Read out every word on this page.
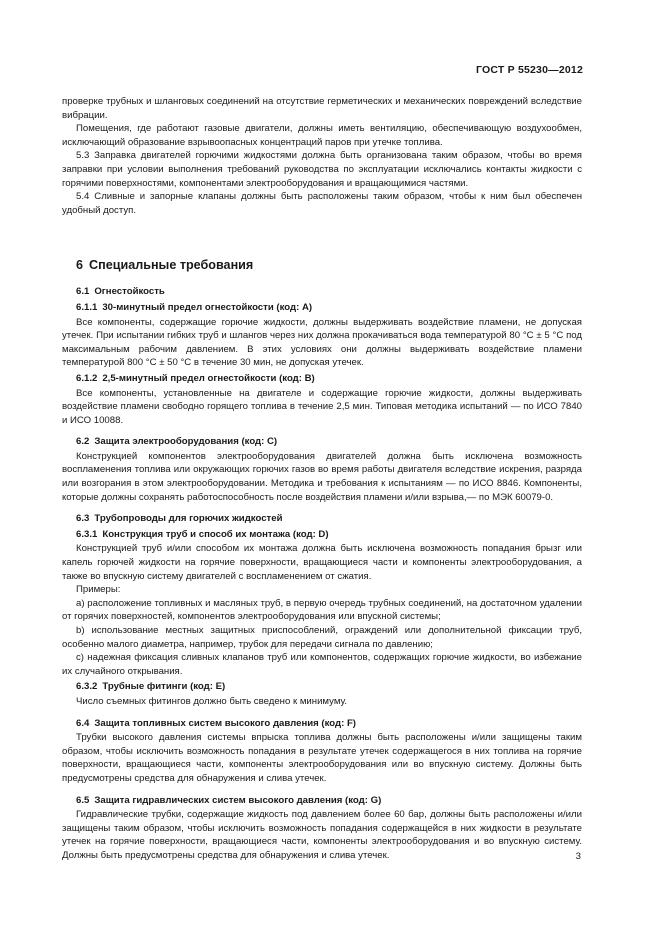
ГОСТ Р 55230—2012

проверке трубных и шланговых соединений на отсутствие герметических и механических повреждений вследствие вибрации.

Помещения, где работают газовые двигатели, должны иметь вентиляцию, обеспечивающую воздухообмен, исключающий образование взрывоопасных концентраций паров при утечке топлива.

5.3 Заправка двигателей горючими жидкостями должна быть организована таким образом, чтобы во время заправки при условии выполнения требований руководства по эксплуатации исключались контакты жидкости с горячими поверхностями, компонентами электрооборудования и вращающимися частями.

5.4 Сливные и запорные клапаны должны быть расположены таким образом, чтобы к ним был обеспечен удобный доступ.

6 Специальные требования
6.1 Огнестойкость
6.1.1 30-минутный предел огнестойкости (код: А)

Все компоненты, содержащие горючие жидкости, должны выдерживать воздействие пламени, не допуская утечек. При испытании гибких труб и шлангов через них должна прокачиваться вода температурой 80 °С ± 5 °С под максимальным рабочим давлением. В этих условиях они должны выдерживать воздействие пламени температурой 800 °С ± 50 °С в течение 30 мин, не допуская утечек.

6.1.2 2,5-минутный предел огнестойкости (код: В)

Все компоненты, установленные на двигателе и содержащие горючие жидкости, должны выдерживать воздействие пламени свободно горящего топлива в течение 2,5 мин. Типовая методика испытаний — по ИСО 7840 и ИСО 10088.

6.2 Защита электрооборудования (код: С)

Конструкцией компонентов электрооборудования двигателей должна быть исключена возможность воспламенения топлива или окружающих горючих газов во время работы двигателя вследствие искрения, разряда или возгорания в этом электрооборудовании. Методика и требования к испытаниям — по ИСО 8846. Компоненты, которые должны сохранять работоспособность после воздействия пламени и/или взрыва,— по МЭК 60079-0.

6.3 Трубопроводы для горючих жидкостей
6.3.1 Конструкция труб и способ их монтажа (код: D)

Конструкцией труб и/или способом их монтажа должна быть исключена возможность попадания брызг или капель горючей жидкости на горячие поверхности, вращающиеся части и компоненты электрооборудования, а также во впускную систему двигателей с воспламенением от сжатия.

Примеры:

а) расположение топливных и масляных труб, в первую очередь трубных соединений, на достаточном удалении от горячих поверхностей, компонентов электрооборудования или впускной системы;

b) использование местных защитных приспособлений, ограждений или дополнительной фиксации труб, особенно малого диаметра, например, трубок для передачи сигнала по давлению;

с) надежная фиксация сливных клапанов труб или компонентов, содержащих горючие жидкости, во избежание их случайного открывания.

6.3.2 Трубные фитинги (код: Е)

Число съемных фитингов должно быть сведено к минимуму.

6.4 Защита топливных систем высокого давления (код: F)

Трубки высокого давления системы впрыска топлива должны быть расположены и/или защищены таким образом, чтобы исключить возможность попадания в результате утечек содержащегося в них топлива на горячие поверхности, вращающиеся части, компоненты электрооборудования или во впускную систему. Должны быть предусмотрены средства для обнаружения и слива утечек.

6.5 Защита гидравлических систем высокого давления (код: G)

Гидравлические трубки, содержащие жидкость под давлением более 60 бар, должны быть расположены и/или защищены таким образом, чтобы исключить возможность попадания содержащейся в них жидкости в результате утечек на горячие поверхности, вращающиеся части, компоненты электрооборудования и во впускную систему. Должны быть предусмотрены средства для обнаружения и слива утечек.	3
